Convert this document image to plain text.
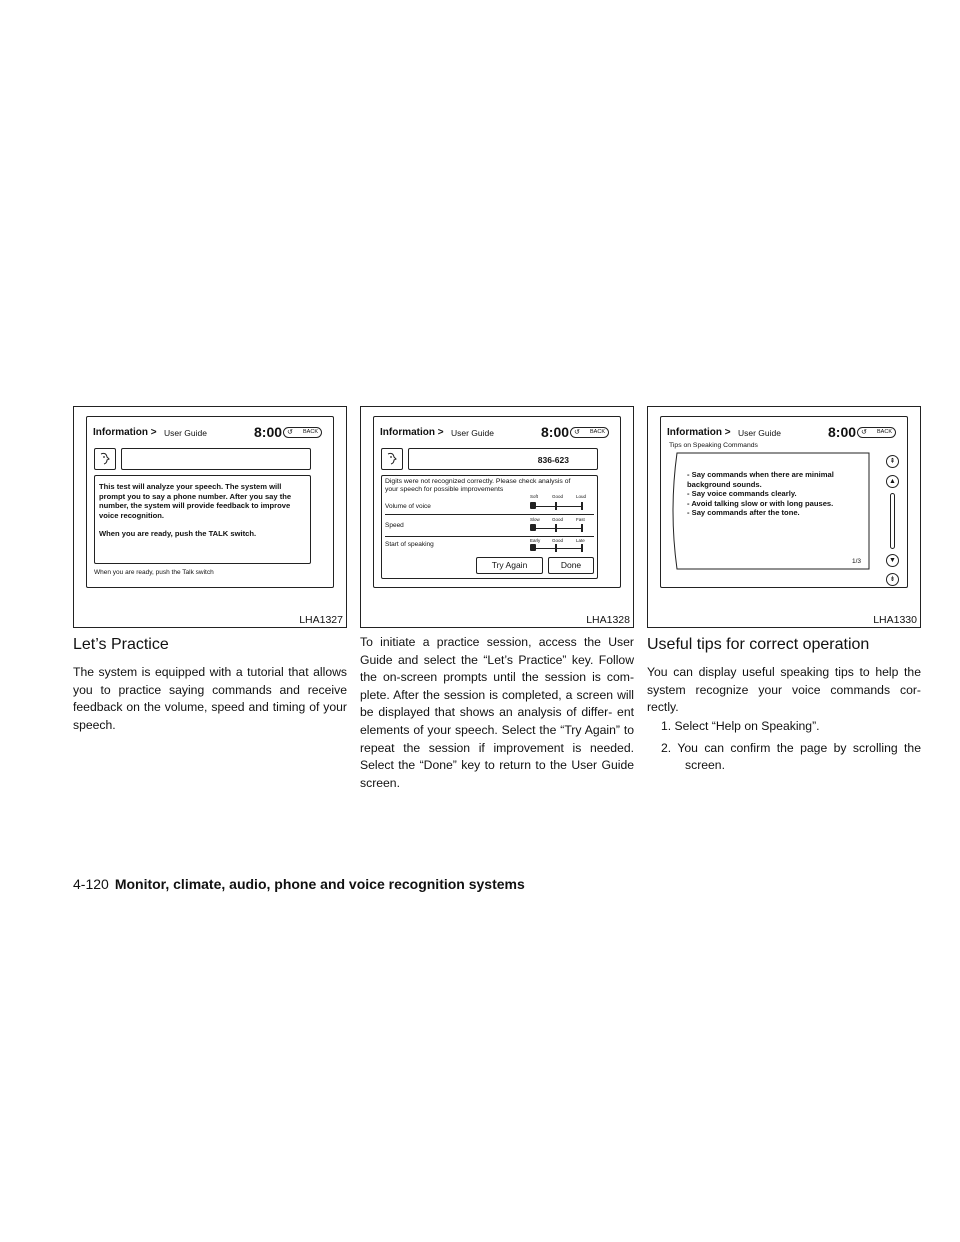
Information > User Guide	8:00 ↺ BACK
This test will analyze your speech. The system will prompt you to say a phone number. After you say the number, the system will provide feedback to improve voice recognition.
When you are ready, push the TALK switch.
When you are ready, push the Talk switch
LHA1327
Information > User Guide	8:00 ↺ BACK
836-623
Digits were not recognized correctly. Please check analysis of your speech for possible improvements
Soft	Good	Loud
Volume of voice
Slow	Good	Fast
Speed
Early	Good	Late
Start of speaking
Try Again	Done
LHA1328
Information > User Guide	8:00 ↺ BACK
Tips on Speaking Commands
- Say commands when there are minimal
background sounds.
- Say voice commands clearly.
- Avoid talking slow or with long pauses.
- Say commands after the tone.
1/3
⇞
▲
▼
⇟
LHA1330
Let’s Practice

The system is equipped with a tutorial that allows you to practice saying commands and receive feedback on the volume, speed and timing of your speech.

To initiate a practice session, access the User Guide and select the “Let’s Practice” key. Follow the on-screen prompts until the session is com- plete. After the session is completed, a screen will be displayed that shows an analysis of differ- ent elements of your speech. Select the “Try Again” to repeat the session if improvement is needed. Select the “Done” key to return to the User Guide screen.

Useful tips for correct operation

You can display useful speaking tips to help the system recognize your voice commands cor- rectly.

1. Select “Help on Speaking”.
2. You can confirm the page by scrolling the screen.
4-120 Monitor, climate, audio, phone and voice recognition systems
